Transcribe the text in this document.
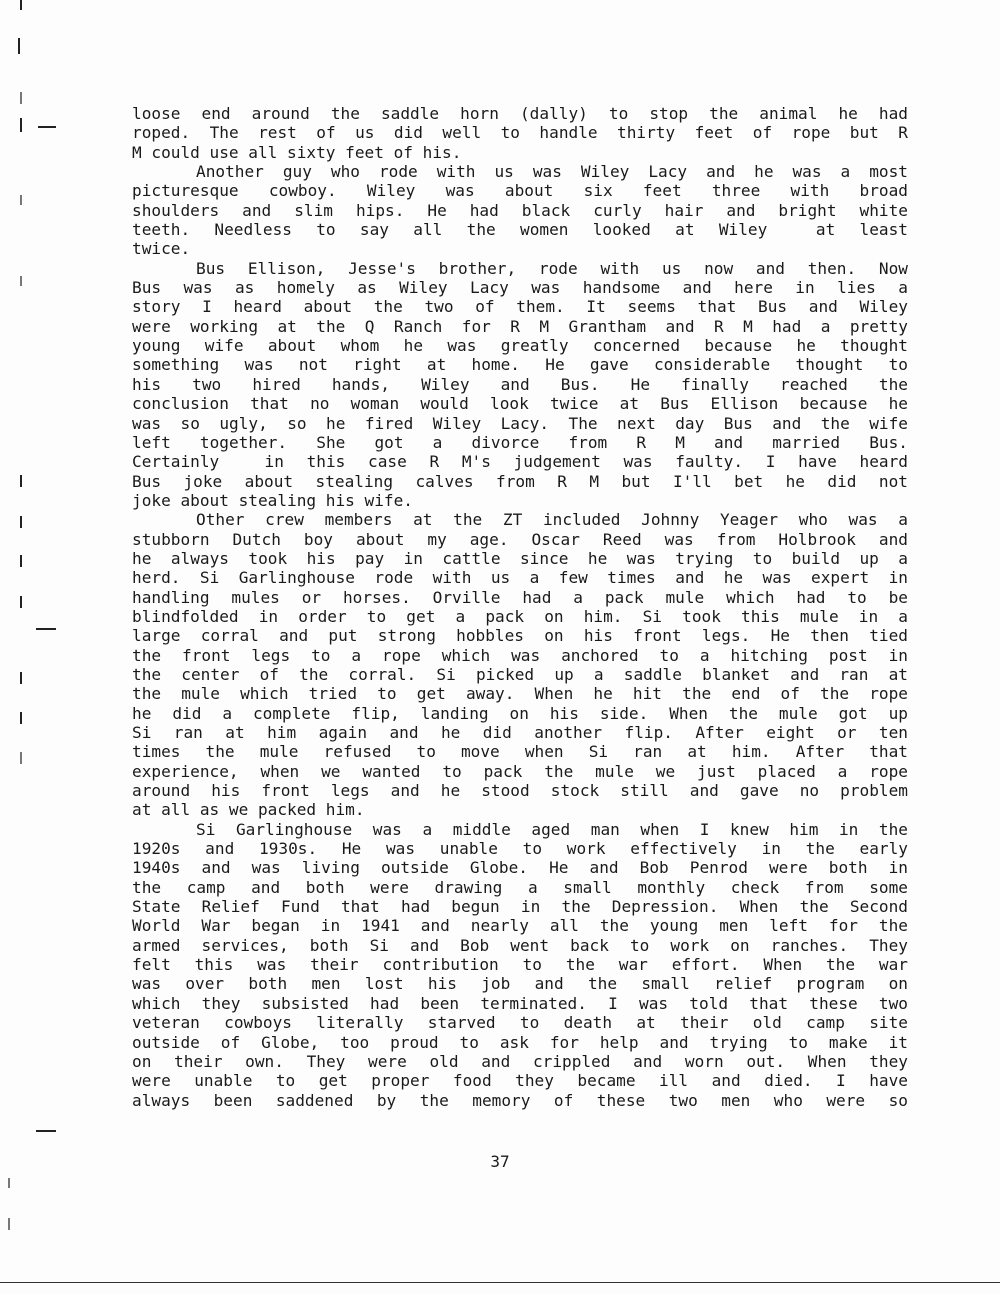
loose end around the saddle horn (dally) to stop the animal he had
roped. The rest of us did well to handle thirty feet of rope but R
M could use all sixty feet of his.
Another guy who rode with us was Wiley Lacy and he was a most
picturesque cowboy. Wiley was about six feet three with broad
shoulders and slim hips. He had black curly hair and bright white
teeth. Needless to say all the women looked at Wiley  at least
twice.
Bus Ellison, Jesse's brother, rode with us now and then. Now
Bus was as homely as Wiley Lacy was handsome and here in lies a
story I heard about the two of them. It seems that Bus and Wiley
were working at the Q Ranch for R M Grantham and R M had a pretty
young wife about whom he was greatly concerned because he thought
something was not right at home. He gave considerable thought to
his two hired hands, Wiley and Bus. He finally reached the
conclusion that no woman would look twice at Bus Ellison because he
was so ugly, so he fired Wiley Lacy. The next day Bus and the wife
left together. She got a divorce from R M and married Bus.
Certainly  in this case R M's judgement was faulty. I have heard
Bus joke about stealing calves from R M but I'll bet he did not
joke about stealing his wife.
Other crew members at the ZT included Johnny Yeager who was a
stubborn Dutch boy about my age. Oscar Reed was from Holbrook and
he always took his pay in cattle since he was trying to build up a
herd. Si Garlinghouse rode with us a few times and he was expert in
handling mules or horses. Orville had a pack mule which had to be
blindfolded in order to get a pack on him. Si took this mule in a
large corral and put strong hobbles on his front legs. He then tied
the front legs to a rope which was anchored to a hitching post in
the center of the corral. Si picked up a saddle blanket and ran at
the mule which tried to get away. When he hit the end of the rope
he did a complete flip, landing on his side. When the mule got up
Si ran at him again and he did another flip. After eight or ten
times the mule refused to move when Si ran at him. After that
experience, when we wanted to pack the mule we just placed a rope
around his front legs and he stood stock still and gave no problem
at all as we packed him.
Si Garlinghouse was a middle aged man when I knew him in the
1920s and 1930s. He was unable to work effectively in the early
1940s and was living outside Globe. He and Bob Penrod were both in
the camp and both were drawing a small monthly check from some
State Relief Fund that had begun in the Depression. When the Second
World War began in 1941 and nearly all the young men left for the
armed services, both Si and Bob went back to work on ranches. They
felt this was their contribution to the war effort. When the war
was over both men lost his job and the small relief program on
which they subsisted had been terminated. I was told that these two
veteran cowboys literally starved to death at their old camp site
outside of Globe, too proud to ask for help and trying to make it
on their own. They were old and crippled and worn out. When they
were unable to get proper food they became ill and died. I have
always been saddened by the memory of these two men who were so
37
